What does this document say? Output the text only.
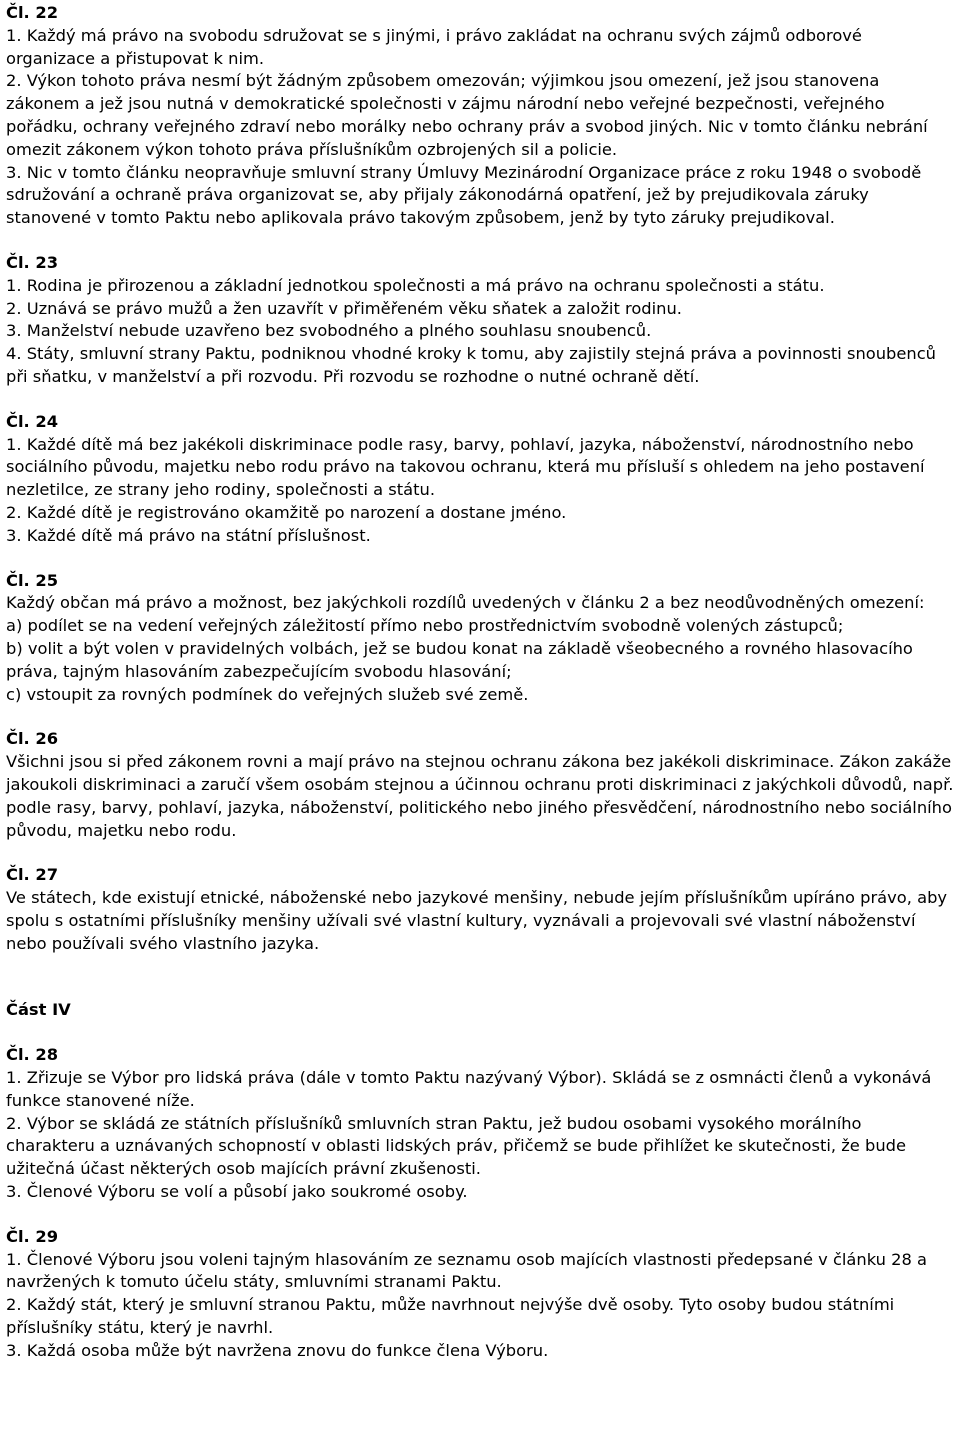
Čl. 22

1. Každý má právo na svobodu sdružovat se s jinými, i právo zakládat na ochranu svých zájmů odborové organizace a přistupovat k nim.

2. Výkon tohoto práva nesmí být žádným způsobem omezován; výjimkou jsou omezení, jež jsou stanovena zákonem a jež jsou nutná v demokratické společnosti v zájmu národní nebo veřejné bezpečnosti, veřejného pořádku, ochrany veřejného zdraví nebo morálky nebo ochrany práv a svobod jiných. Nic v tomto článku nebrání omezit zákonem výkon tohoto práva příslušníkům ozbrojených sil a policie.

3. Nic v tomto článku neopravňuje smluvní strany Úmluvy Mezinárodní Organizace práce z roku 1948 o svobodě sdružování a ochraně práva organizovat se, aby přijaly zákonodárná opatření, jež by prejudikovala záruky stanovené v tomto Paktu nebo aplikovala právo takovým způsobem, jenž by tyto záruky prejudikoval.

Čl. 23

1. Rodina je přirozenou a základní jednotkou společnosti a má právo na ochranu společnosti a státu.

2. Uznává se právo mužů a žen uzavřít v přiměřeném věku sňatek a založit rodinu.

3. Manželství nebude uzavřeno bez svobodného a plného souhlasu snoubenců.

4. Státy, smluvní strany Paktu, podniknou vhodné kroky k tomu, aby zajistily stejná práva a povinnosti snoubenců při sňatku, v manželství a při rozvodu. Při rozvodu se rozhodne o nutné ochraně dětí.

Čl. 24

1. Každé dítě má bez jakékoli diskriminace podle rasy, barvy, pohlaví, jazyka, náboženství, národnostního nebo sociálního původu, majetku nebo rodu právo na takovou ochranu, která mu přísluší s ohledem na jeho postavení nezletilce, ze strany jeho rodiny, společnosti a státu.

2. Každé dítě je registrováno okamžitě po narození a dostane jméno.

3. Každé dítě má právo na státní příslušnost.

Čl. 25

Každý občan má právo a možnost, bez jakýchkoli rozdílů uvedených v článku 2 a bez neodůvodněných omezení:

a) podílet se na vedení veřejných záležitostí přímo nebo prostřednictvím svobodně volených zástupců;

b) volit a být volen v pravidelných volbách, jež se budou konat na základě všeobecného a rovného hlasovacího práva, tajným hlasováním zabezpečujícím svobodu hlasování;

c) vstoupit za rovných podmínek do veřejných služeb své země.

Čl. 26

Všichni jsou si před zákonem rovni a mají právo na stejnou ochranu zákona bez jakékoli diskriminace. Zákon zakáže jakoukoli diskriminaci a zaručí všem osobám stejnou a účinnou ochranu proti diskriminaci z jakýchkoli důvodů, např. podle rasy, barvy, pohlaví, jazyka, náboženství, politického nebo jiného přesvědčení, národnostního nebo sociálního původu, majetku nebo rodu.

Čl. 27

Ve státech, kde existují etnické, náboženské nebo jazykové menšiny, nebude jejím příslušníkům upíráno právo, aby spolu s ostatními příslušníky menšiny užívali své vlastní kultury, vyznávali a projevovali své vlastní náboženství nebo používali svého vlastního jazyka.

Část IV
Čl. 28

1. Zřizuje se Výbor pro lidská práva (dále v tomto Paktu nazývaný Výbor). Skládá se z osmnácti členů a vykonává funkce stanovené níže.

2. Výbor se skládá ze státních příslušníků smluvních stran Paktu, jež budou osobami vysokého morálního charakteru a uznávaných schopností v oblasti lidských práv, přičemž se bude přihlížet ke skutečnosti, že bude užitečná účast některých osob majících právní zkušenosti.

3. Členové Výboru se volí a působí jako soukromé osoby.

Čl. 29

1. Členové Výboru jsou voleni tajným hlasováním ze seznamu osob majících vlastnosti předepsané v článku 28 a navržených k tomuto účelu státy, smluvními stranami Paktu.

2. Každý stát, který je smluvní stranou Paktu, může navrhnout nejvýše dvě osoby. Tyto osoby budou státními příslušníky státu, který je navrhl.

3. Každá osoba může být navržena znovu do funkce člena Výboru.
